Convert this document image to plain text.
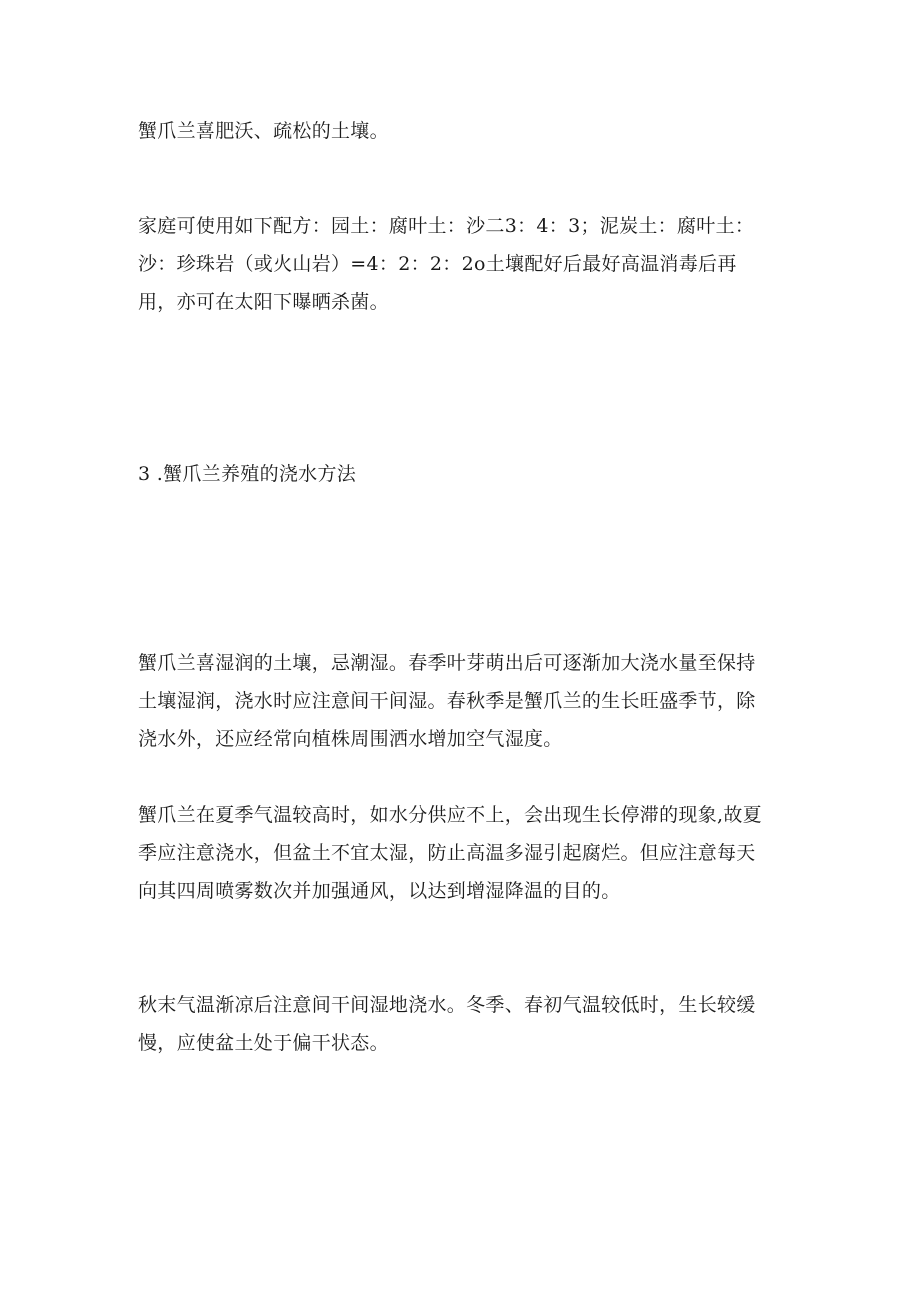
蟹爪兰喜肥沃、疏松的土壤。

家庭可使用如下配方：园土：腐叶土：沙二3：4：3；泥炭土：腐叶土：
沙：珍珠岩（或火山岩）=4：2：2：2o土壤配好后最好高温消毒后再
用，亦可在太阳下曝晒杀菌。

3 .蟹爪兰养殖的浇水方法

蟹爪兰喜湿润的土壤，忌潮湿。春季叶芽萌出后可逐渐加大浇水量至保持
土壤湿润，浇水时应注意间干间湿。春秋季是蟹爪兰的生长旺盛季节，除
浇水外，还应经常向植株周围洒水增加空气湿度。

蟹爪兰在夏季气温较高时，如水分供应不上，会出现生长停滞的现象,故夏
季应注意浇水，但盆土不宜太湿，防止高温多湿引起腐烂。但应注意每天
向其四周喷雾数次并加强通风，以达到增湿降温的目的。

秋末气温渐凉后注意间干间湿地浇水。冬季、春初气温较低时，生长较缓
慢，应使盆土处于偏干状态。
